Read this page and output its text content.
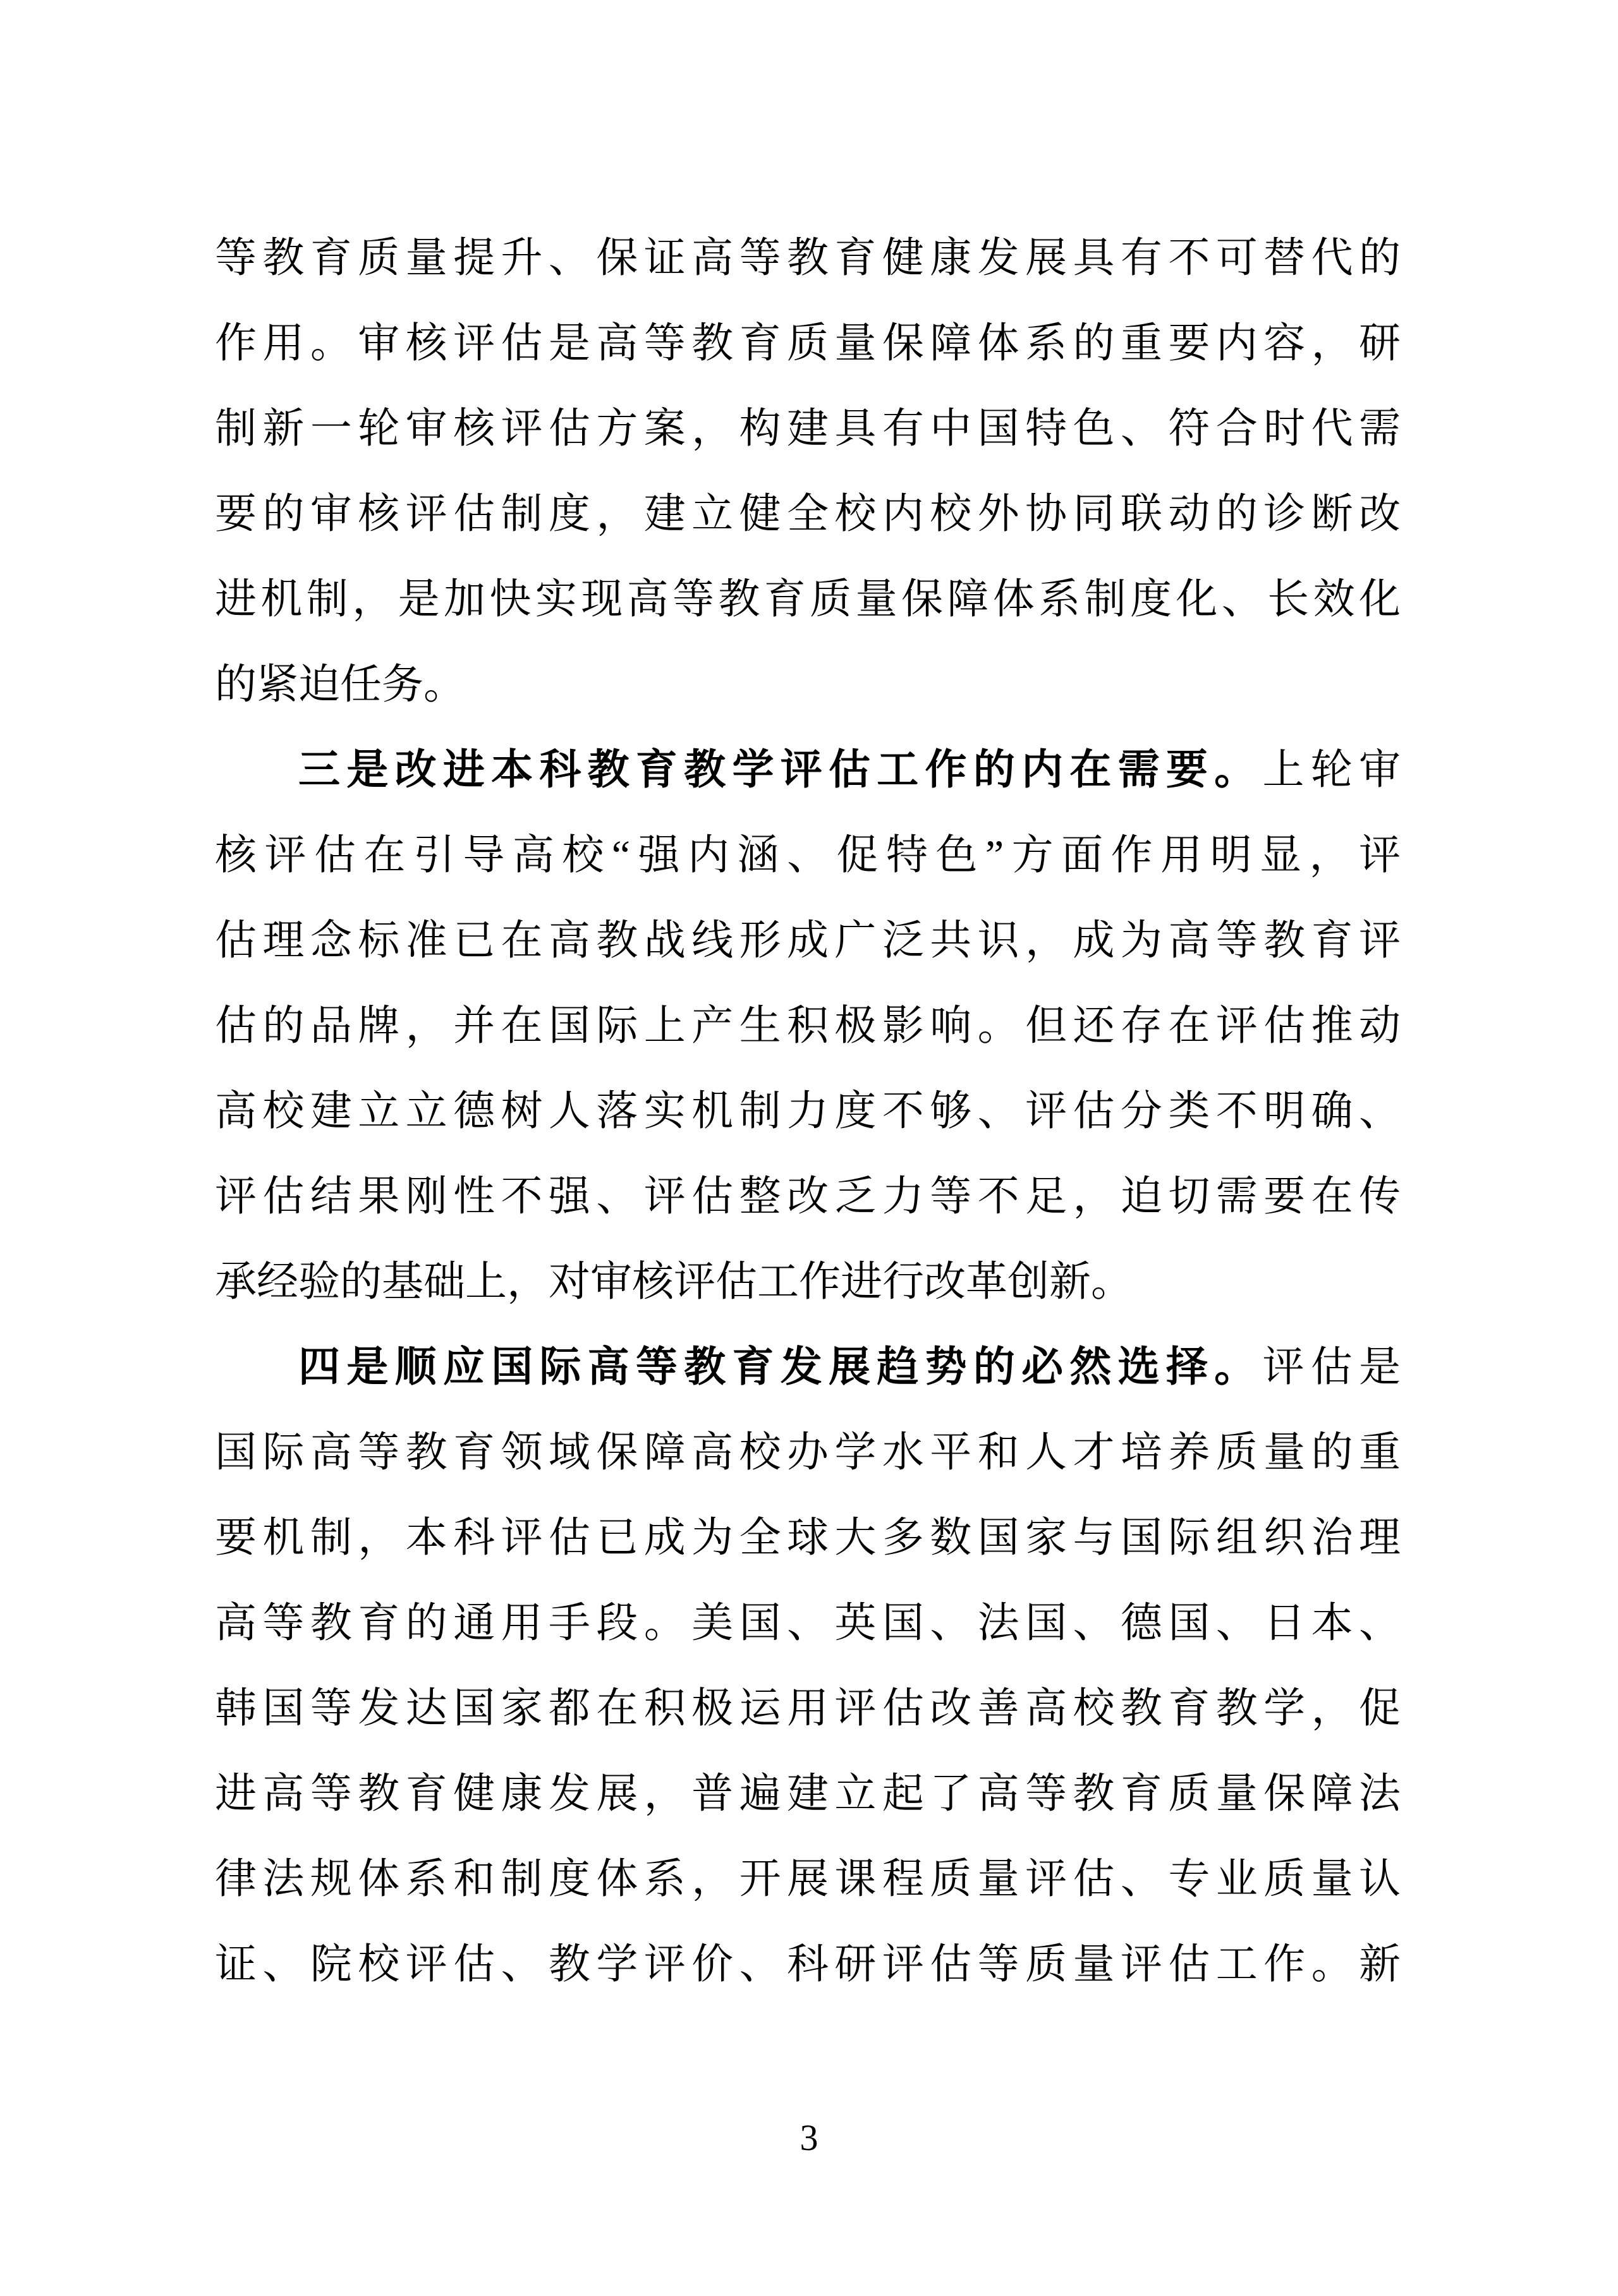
等教育质量提升、保证高等教育健康发展具有不可替代的
作用。审核评估是高等教育质量保障体系的重要内容，研
制新一轮审核评估方案，构建具有中国特色、符合时代需
要的审核评估制度，建立健全校内校外协同联动的诊断改
进机制，是加快实现高等教育质量保障体系制度化、长效化
的紧迫任务。
三是改进本科教育教学评估工作的内在需要。上轮审
核评估在引导高校“强内涵、促特色”方面作用明显，评
估理念标准已在高教战线形成广泛共识，成为高等教育评
估的品牌，并在国际上产生积极影响。但还存在评估推动
高校建立立德树人落实机制力度不够、评估分类不明确、
评估结果刚性不强、评估整改乏力等不足，迫切需要在传
承经验的基础上，对审核评估工作进行改革创新。
四是顺应国际高等教育发展趋势的必然选择。评估是
国际高等教育领域保障高校办学水平和人才培养质量的重
要机制，本科评估已成为全球大多数国家与国际组织治理
高等教育的通用手段。美国、英国、法国、德国、日本、
韩国等发达国家都在积极运用评估改善高校教育教学，促
进高等教育健康发展，普遍建立起了高等教育质量保障法
律法规体系和制度体系，开展课程质量评估、专业质量认
证、院校评估、教学评价、科研评估等质量评估工作。新
3
